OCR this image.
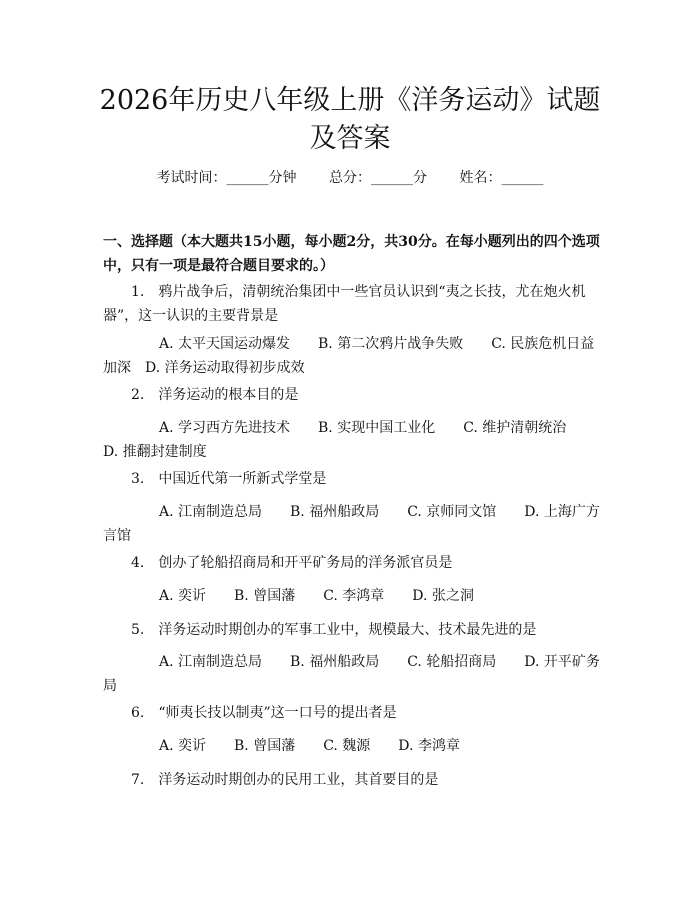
2026年历史八年级上册《洋务运动》试题及答案
考试时间：______分钟 总分：______分 姓名：______
一、选择题（本大题共15小题，每小题2分，共30分。在每小题列出的四个选项中，只有一项是最符合题目要求的。）
1.　鸦片战争后，清朝统治集团中一些官员认识到“夷之长技，尤在炮火机器”，这一认识的主要背景是
A. 太平天国运动爆发　　B. 第二次鸦片战争失败　　C. 民族危机日益加深　D. 洋务运动取得初步成效
2.　洋务运动的根本目的是
A. 学习西方先进技术　　B. 实现中国工业化　　C. 维护清朝统治　　D. 推翻封建制度
3.　中国近代第一所新式学堂是
A. 江南制造总局　　B. 福州船政局　　C. 京师同文馆　　D. 上海广方言馆
4.　创办了轮船招商局和开平矿务局的洋务派官员是
A. 奕䜣　　B. 曾国藩　　C. 李鸿章　　D. 张之洞
5.　洋务运动时期创办的军事工业中，规模最大、技术最先进的是
A. 江南制造总局　　B. 福州船政局　　C. 轮船招商局　　D. 开平矿务局
6.　“师夷长技以制夷”这一口号的提出者是
A. 奕䜣　　B. 曾国藩　　C. 魏源　　D. 李鸿章
7.　洋务运动时期创办的民用工业，其首要目的是
